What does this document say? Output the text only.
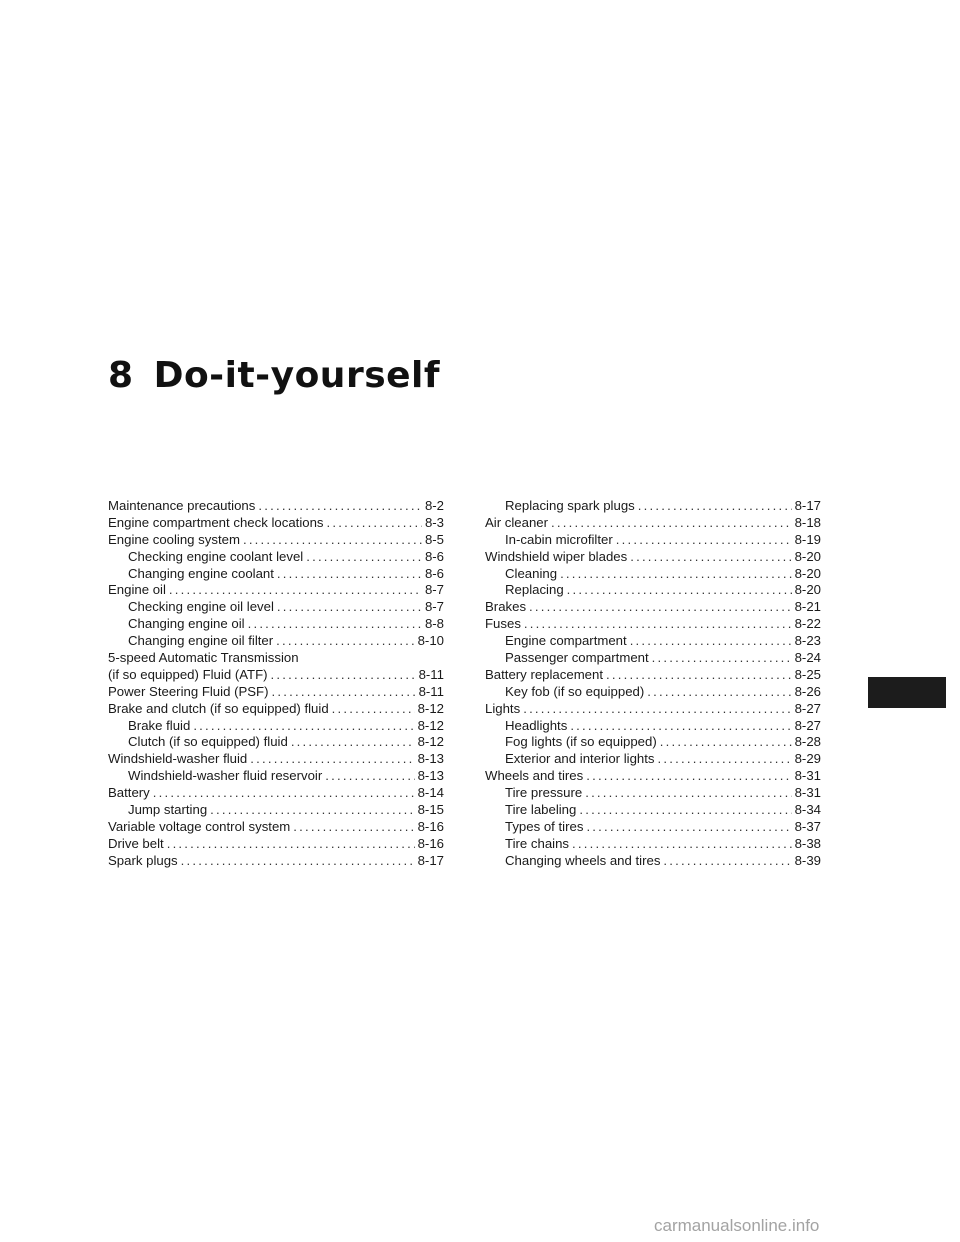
8 Do-it-yourself
Maintenance precautions .....	8-2
Engine compartment check locations .....	8-3
Engine cooling system .....	8-5
Checking engine coolant level .....	8-6
Changing engine coolant .....	8-6
Engine oil .....	8-7
Checking engine oil level .....	8-7
Changing engine oil .....	8-8
Changing engine oil filter .....	8-10
5-speed Automatic Transmission
(if so equipped) Fluid (ATF) .....	8-11
Power Steering Fluid (PSF) .....	8-11
Brake and clutch (if so equipped) fluid .....	8-12
Brake fluid .....	8-12
Clutch (if so equipped) fluid .....	8-12
Windshield-washer fluid .....	8-13
Windshield-washer fluid reservoir .....	8-13
Battery .....	8-14
Jump starting .....	8-15
Variable voltage control system .....	8-16
Drive belt .....	8-16
Spark plugs .....	8-17
Replacing spark plugs .....	8-17
Air cleaner .....	8-18
In-cabin microfilter .....	8-19
Windshield wiper blades .....	8-20
Cleaning .....	8-20
Replacing .....	8-20
Brakes .....	8-21
Fuses .....	8-22
Engine compartment .....	8-23
Passenger compartment .....	8-24
Battery replacement .....	8-25
Key fob (if so equipped) .....	8-26
Lights .....	8-27
Headlights .....	8-27
Fog lights (if so equipped) .....	8-28
Exterior and interior lights .....	8-29
Wheels and tires .....	8-31
Tire pressure .....	8-31
Tire labeling .....	8-34
Types of tires .....	8-37
Tire chains .....	8-38
Changing wheels and tires .....	8-39
carmanualsonline.info
